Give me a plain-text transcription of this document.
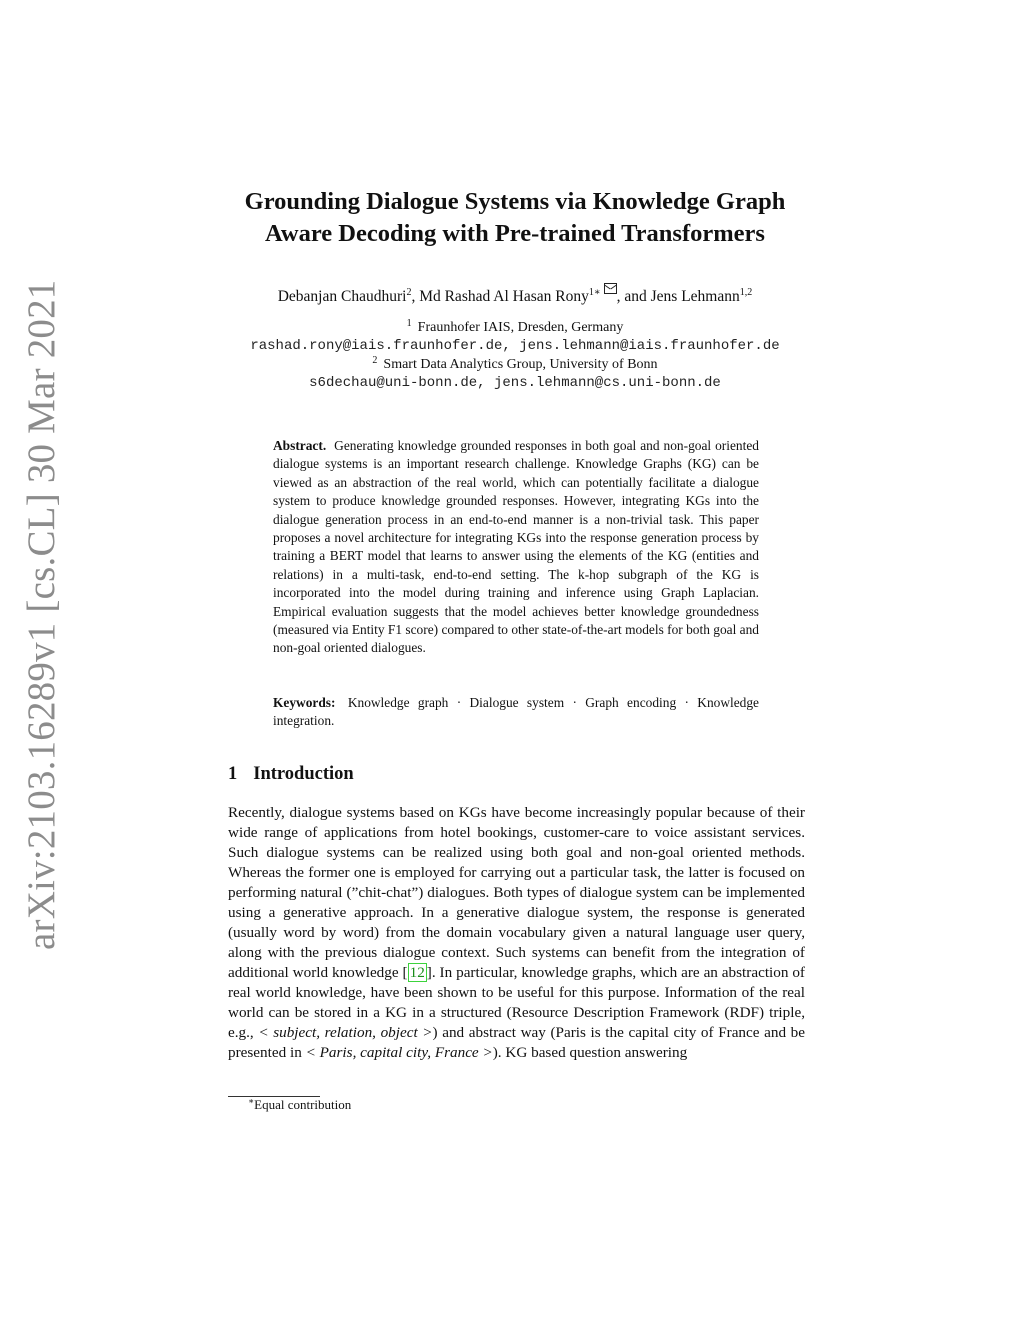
arXiv:2103.16289v1 [cs.CL] 30 Mar 2021
Grounding Dialogue Systems via Knowledge Graph
Aware Decoding with Pre-trained Transformers
Debanjan Chaudhuri$^2$, Md Rashad Al Hasan Rony$^{1∗}$ , and Jens Lehmann$^{1,2}$
$^1$ Fraunhofer IAIS, Dresden, Germany
rashad.rony@iais.fraunhofer.de, jens.lehmann@iais.fraunhofer.de
$^2$ Smart Data Analytics Group, University of Bonn
s6dechau@uni-bonn.de, jens.lehmann@cs.uni-bonn.de
Abstract. Generating knowledge grounded responses in both goal and non-goal oriented dialogue systems is an important research challenge. Knowledge Graphs (KG) can be viewed as an abstraction of the real world, which can potentially facilitate a dialogue system to produce knowledge grounded responses. However, integrating KGs into the dialogue generation process in an end-to-end manner is a non-trivial task. This paper proposes a novel architecture for integrating KGs into the response generation process by training a BERT model that learns to answer using the elements of the KG (entities and relations) in a multi-task, end-to-end setting. The k-hop subgraph of the KG is incorporated into the model during training and inference using Graph Laplacian. Empirical evaluation suggests that the model achieves better knowledge groundedness (measured via Entity F1 score) compared to other state-of-the-art models for both goal and non-goal oriented dialogues.
Keywords: Knowledge graph · Dialogue system · Graph encoding · Knowledge integration.
1 Introduction
Recently, dialogue systems based on KGs have become increasingly popular because of their wide range of applications from hotel bookings, customer-care to voice assistant services. Such dialogue systems can be realized using both goal and non-goal oriented methods. Whereas the former one is employed for carrying out a particular task, the latter is focused on performing natural (”chit-chat”) dialogues. Both types of dialogue system can be implemented using a generative approach. In a generative dialogue system, the response is generated (usually word by word) from the domain vocabulary given a natural language user query, along with the previous dialogue context. Such systems can benefit from the integration of additional world knowledge [ 12 ]. In particular, knowledge graphs, which are an abstraction of real world knowledge, have been shown to be useful for this purpose. Information of the real world can be stored in a KG in a structured (Resource Description Framework (RDF) triple, e.g., < subject, relation, object >) and abstract way (Paris is the capital city of France and be presented in < Paris, capital city, France >). KG based question answering
∗Equal contribution
